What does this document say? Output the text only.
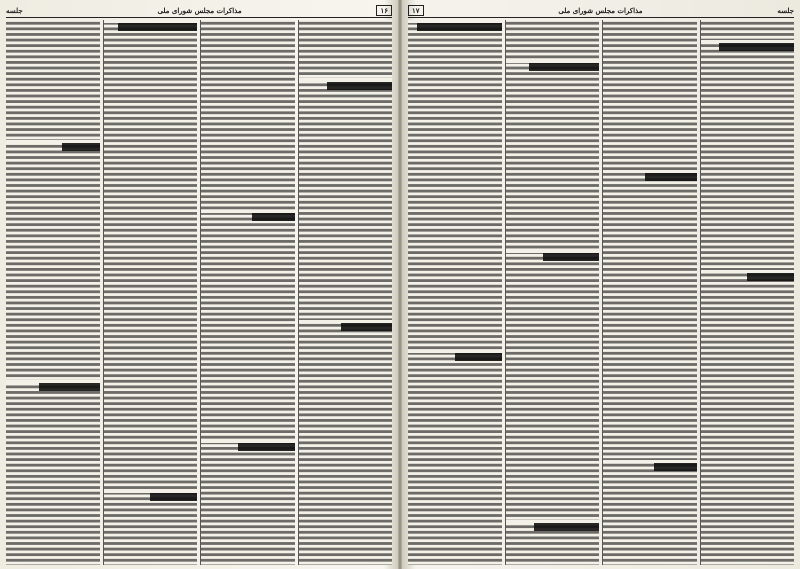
۱۶
مذاکرات مجلس شورای ملی
جلسه	جلسه
مذاکرات مجلس شورای ملی
۱۷
